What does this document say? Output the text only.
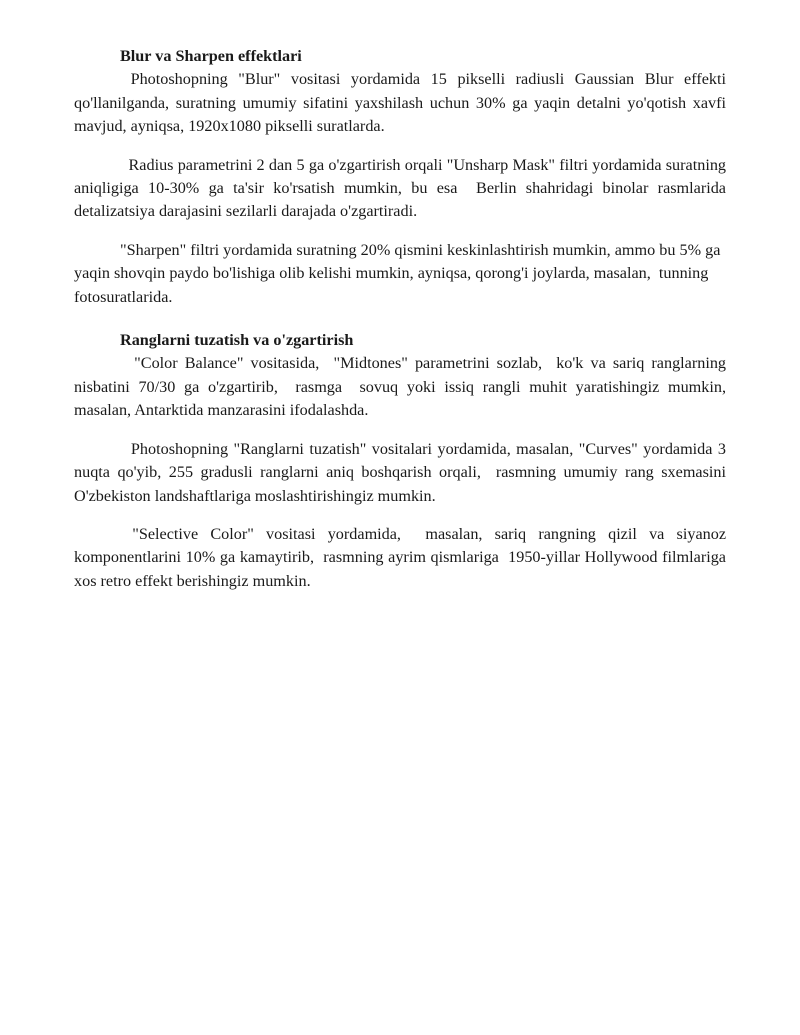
Blur va Sharpen effektlari

Photoshopning "Blur" vositasi yordamida 15 pikselli radiusli Gaussian Blur effekti qo'llanilganda, suratning umumiy sifatini yaxshilash uchun 30% ga yaqin detalni yo'qotish xavfi mavjud, ayniqsa, 1920x1080 pikselli suratlarda.

Radius parametrini 2 dan 5 ga o'zgartirish orqali "Unsharp Mask" filtri yordamida suratning aniqligiga 10-30% ga ta'sir ko'rsatish mumkin, bu esa  Berlin shahridagi binolar rasmlarida  detalizatsiya darajasini sezilarli darajada o'zgartiradi.

"Sharpen" filtri yordamida suratning 20% qismini keskinlashtirish mumkin, ammo bu 5% ga yaqin shovqin paydo bo'lishiga olib kelishi mumkin, ayniqsa, qorong'i joylarda, masalan,  tunning fotosuratlarida.

Ranglarni tuzatish va o'zgartirish

"Color Balance" vositasida,  "Midtones" parametrini sozlab,  ko'k va sariq ranglarning nisbatini 70/30 ga o'zgartirib,  rasmga  sovuq yoki issiq rangli muhit yaratishingiz mumkin, masalan, Antarktida manzarasini ifodalashda.

Photoshopning "Ranglarni tuzatish" vositalari yordamida, masalan, "Curves" yordamida 3 nuqta qo'yib, 255 gradusli ranglarni aniq boshqarish orqali,  rasmning umumiy rang sxemasini O'zbekiston landshaftlariga moslashtirishingiz mumkin.

"Selective Color" vositasi yordamida,  masalan, sariq rangning qizil va siyanoz komponentlarini 10% ga kamaytirib,  rasmning ayrim qismlariga  1950-yillar Hollywood filmlariga xos retro effekt berishingiz mumkin.
